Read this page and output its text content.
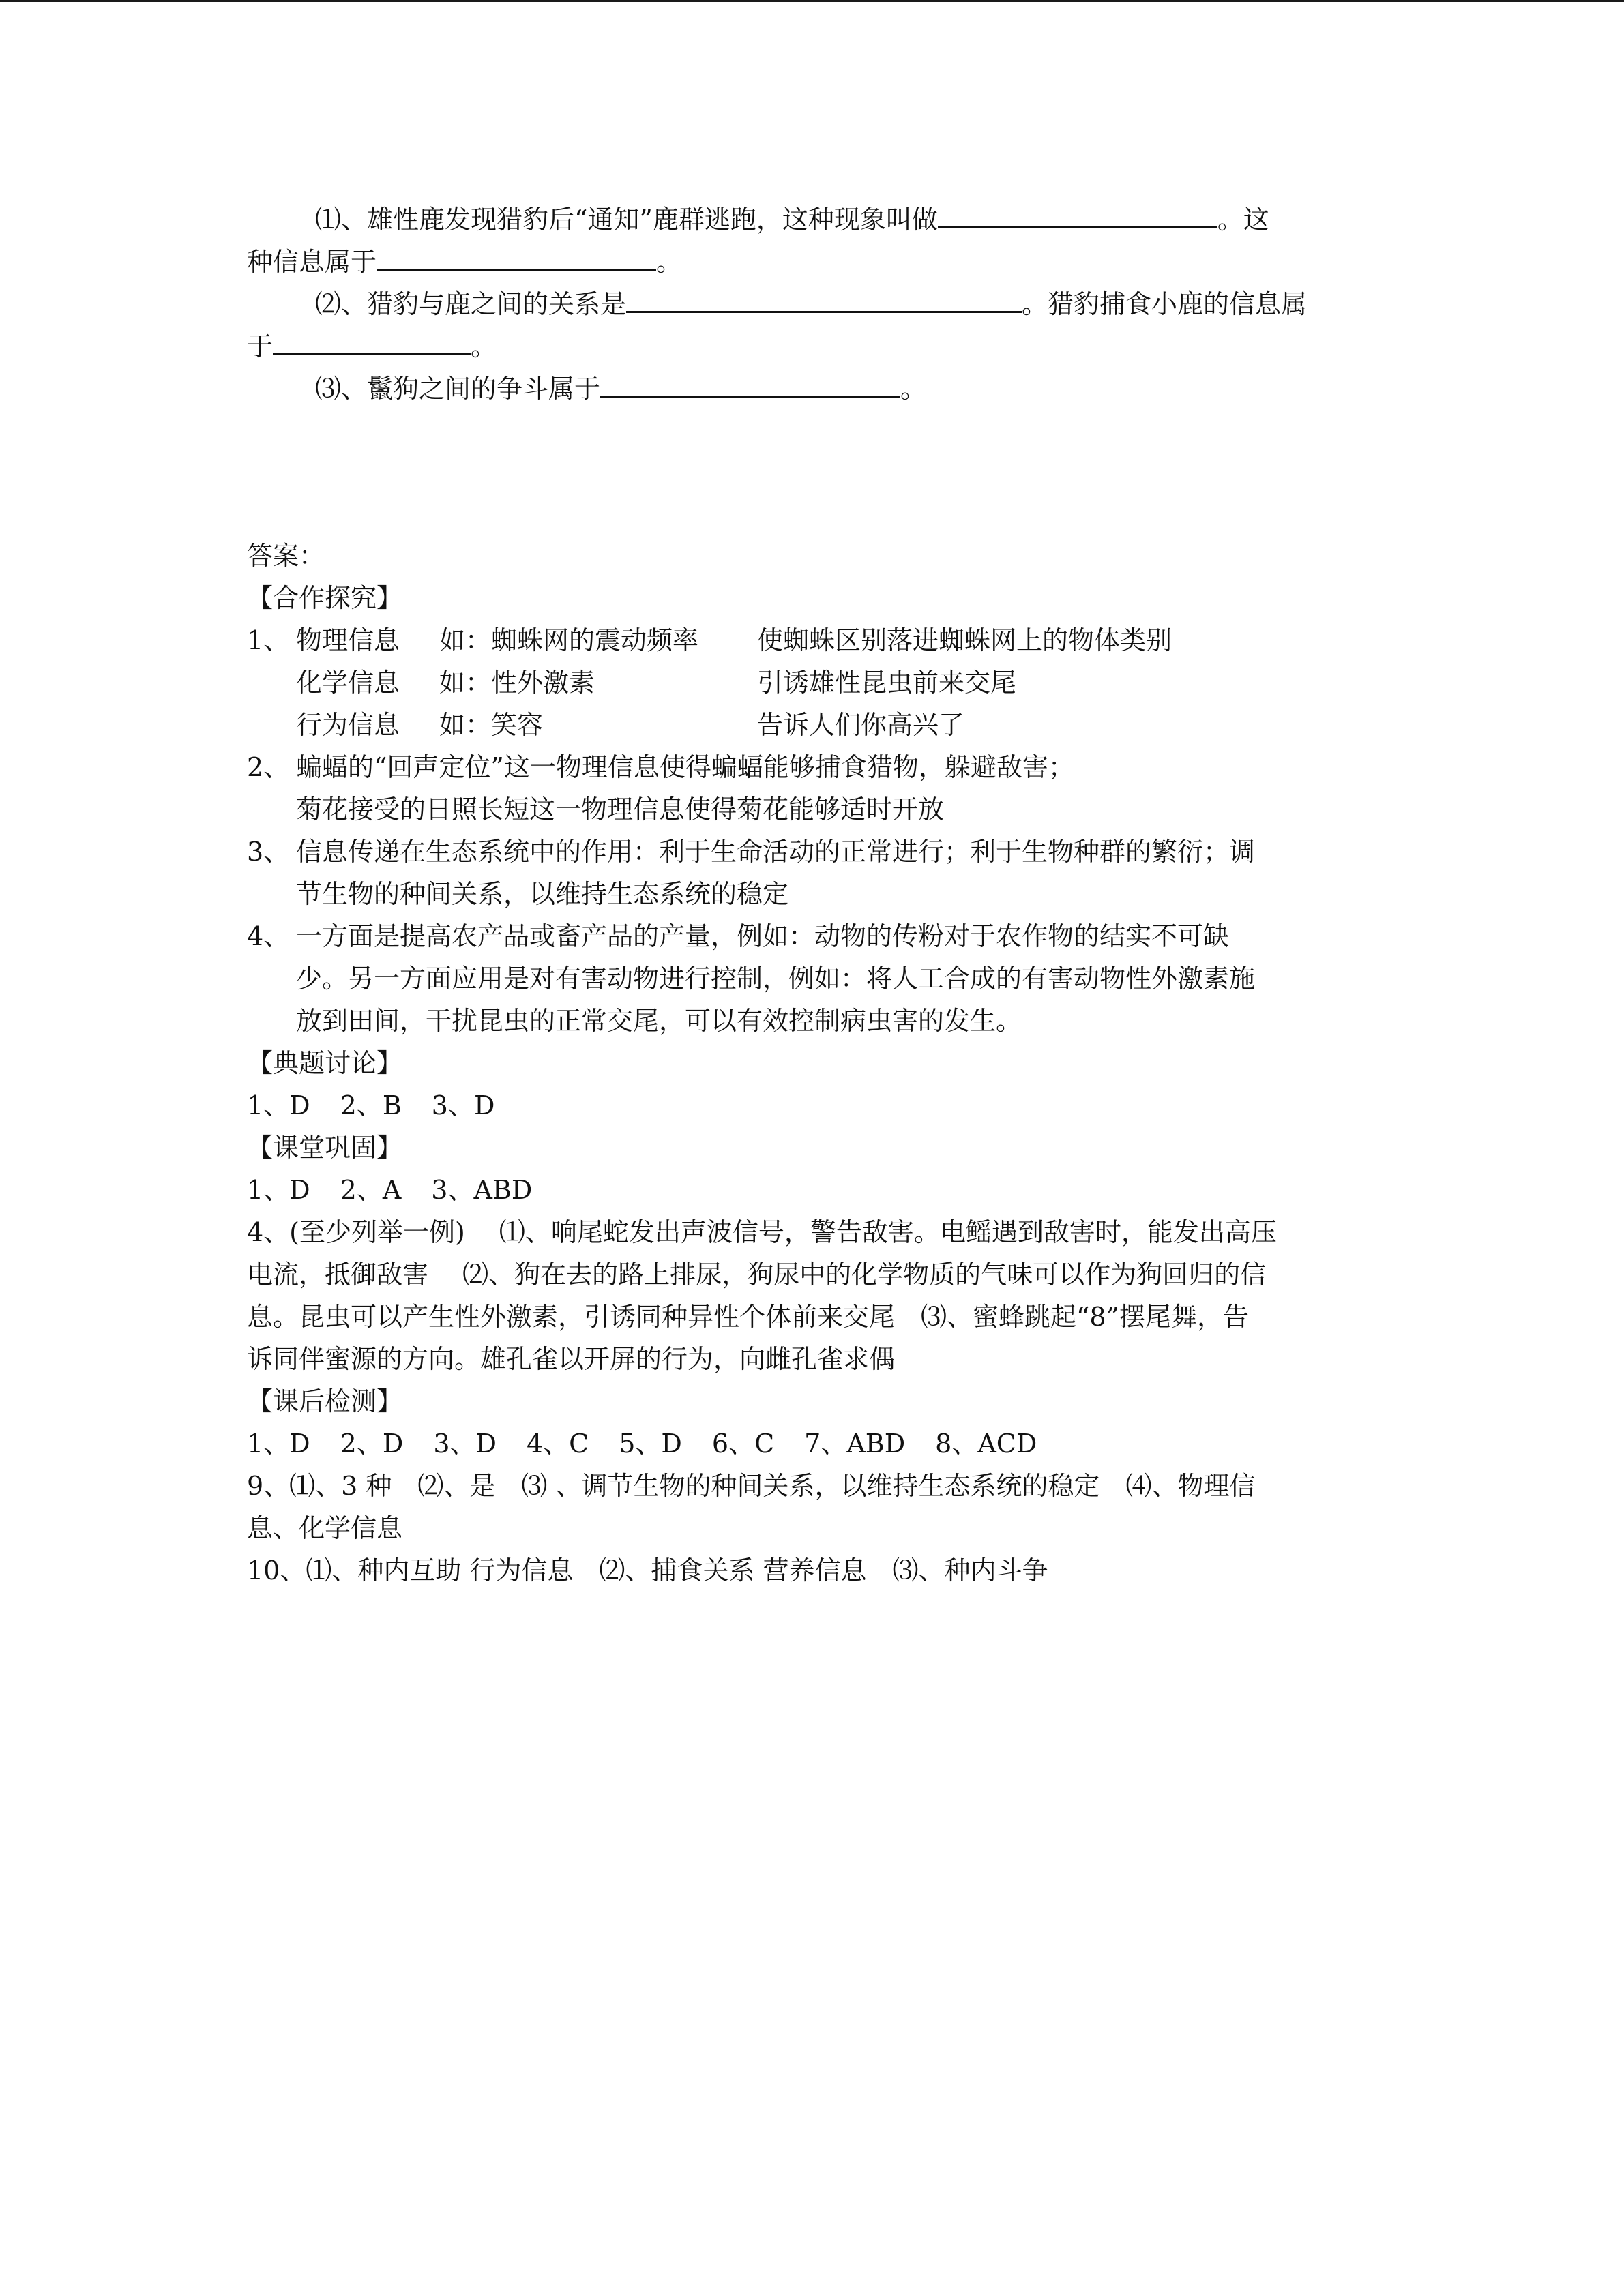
⑴、雄性鹿发现猎豹后“通知”鹿群逃跑，这种现象叫做	。这
种信息属于	。
⑵、猎豹与鹿之间的关系是	。猎豹捕食小鹿的信息属
于	。
⑶、鬣狗之间的争斗属于	。
答案：
【合作探究】
1、 物理信息 如：蜘蛛网的震动频率 使蜘蛛区别落进蜘蛛网上的物体类别
化学信息 如：性外激素	引诱雄性昆虫前来交尾
行为信息 如：笑容	告诉人们你高兴了
2、 蝙蝠的“回声定位”这一物理信息使得蝙蝠能够捕食猎物，躲避敌害；
菊花接受的日照长短这一物理信息使得菊花能够适时开放
3、 信息传递在生态系统中的作用：利于生命活动的正常进行；利于生物种群的繁衍；调
节生物的种间关系，以维持生态系统的稳定
4、 一方面是提高农产品或畜产品的产量，例如：动物的传粉对于农作物的结实不可缺
少。另一方面应用是对有害动物进行控制，例如：将人工合成的有害动物性外激素施
放到田间，干扰昆虫的正常交尾，可以有效控制病虫害的发生。
【典题讨论】
1、D 2、B 3、D
【课堂巩固】
1、D 2、A 3、ABD
4、(至少列举一例)　 ⑴、响尾蛇发出声波信号，警告敌害。电鳐遇到敌害时，能发出高压
电流，抵御敌害　 ⑵、狗在去的路上排尿，狗尿中的化学物质的气味可以作为狗回归的信
息。昆虫可以产生性外激素，引诱同种异性个体前来交尾　⑶、蜜蜂跳起“8”摆尾舞，告
诉同伴蜜源的方向。雄孔雀以开屏的行为，向雌孔雀求偶
【课后检测】
1、D 2、D 3、D 4、C 5、D 6、C 7、ABD 8、ACD
9、⑴、3 种　⑵、是　⑶ 、调节生物的种间关系，以维持生态系统的稳定　⑷、物理信
息、化学信息
10、⑴、种内互助 行为信息　⑵、捕食关系 营养信息　⑶、种内斗争
